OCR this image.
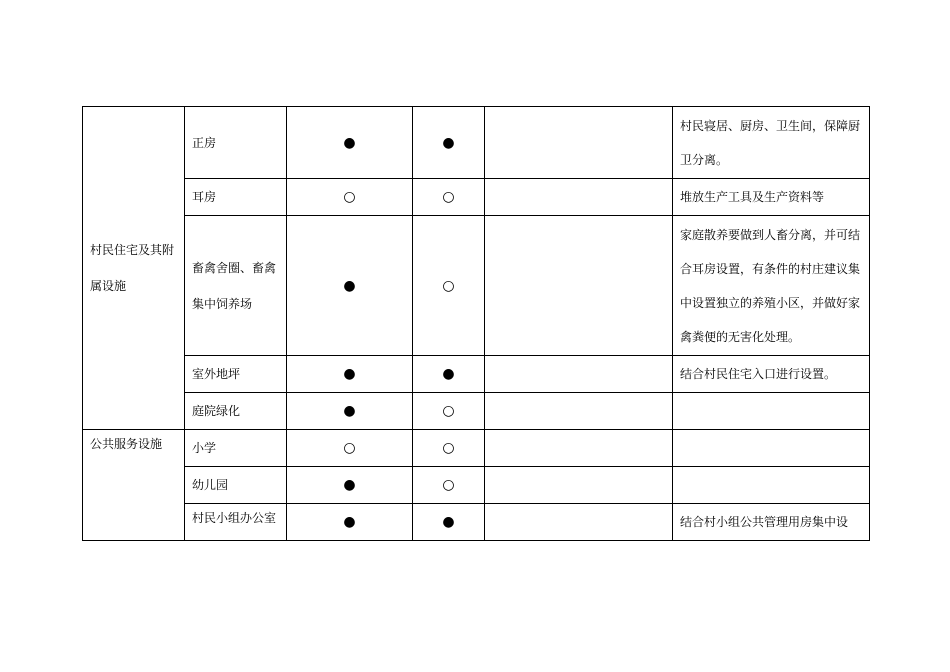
村民住宅及其附属设施	正房	●	●		村民寝居、厨房、卫生间，保障厨卫分离。
	耳房	○	○		堆放生产工具及生产资料等
	畜禽舍圈、畜禽集中饲养场	●	○		家庭散养要做到人畜分离，并可结合耳房设置，有条件的村庄建议集中设置独立的养殖小区，并做好家禽粪便的无害化处理。
	室外地坪	●	●		结合村民住宅入口进行设置。
	庭院绿化	●	○		
公共服务设施	小学	○	○		
	幼儿园	●	○		
	村民小组办公室	●	●		结合村小组公共管理用房集中设
